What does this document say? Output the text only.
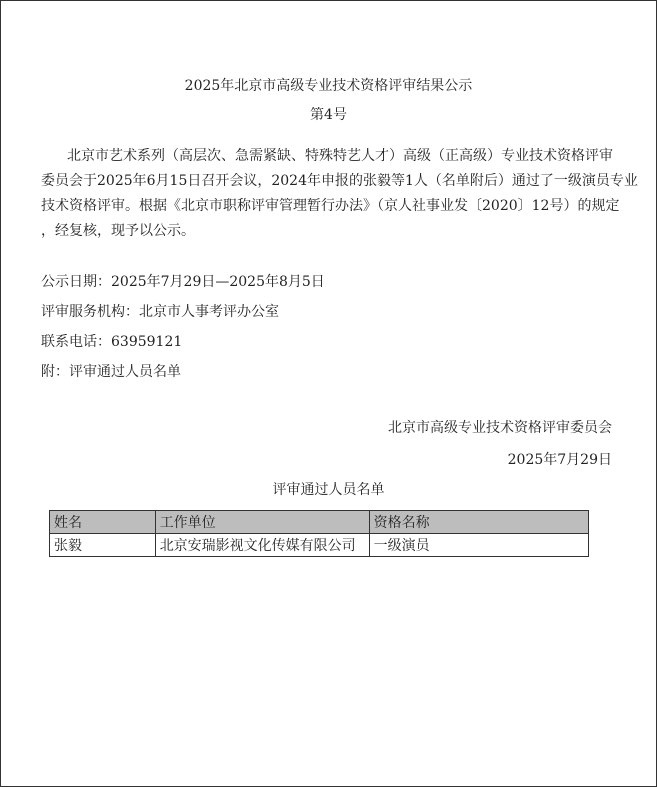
2025年北京市高级专业技术资格评审结果公示
第4号
北京市艺术系列（高层次、急需紧缺、特殊特艺人才）高级（正高级）专业技术资格评审
委员会于2025年6月15日召开会议，2024年申报的张毅等1人（名单附后）通过了一级演员专业
技术资格评审。根据《北京市职称评审管理暂行办法》（京人社事业发〔2020〕12号）的规定
，经复核，现予以公示。
公示日期：2025年7月29日—2025年8月5日
评审服务机构：北京市人事考评办公室
联系电话：63959121
附：评审通过人员名单
北京市高级专业技术资格评审委员会
2025年7月29日
评审通过人员名单
姓名	工作单位	资格名称
张毅	北京安瑞影视文化传媒有限公司	一级演员
